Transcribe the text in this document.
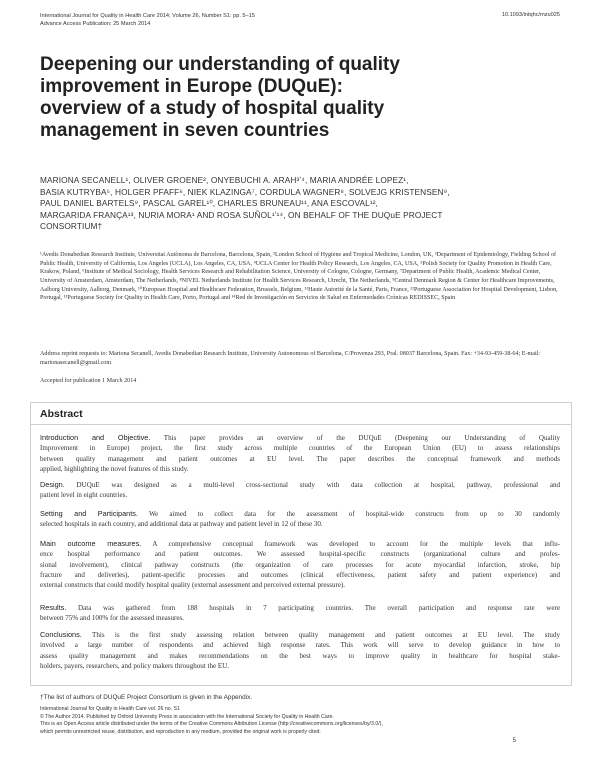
International Journal for Quality in Health Care 2014; Volume 26, Number S1: pp. 5–15
Advance Access Publication: 25 March 2014
10.1093/intqhc/mzu025
Deepening our understanding of quality
improvement in Europe (DUQuE):
overview of a study of hospital quality
management in seven countries
MARIONA SECANELL¹, OLIVER GROENE², ONYEBUCHI A. ARAH³ʼ⁴, MARIA ANDRÉE LOPEZ¹,
BASIA KUTRYBA⁵, HOLGER PFAFF⁶, NIEK KLAZINGA⁷, CORDULA WAGNER⁸, SOLVEJG KRISTENSEN⁹,
PAUL DANIEL BARTELS⁹, PASCAL GAREL¹⁰, CHARLES BRUNEAU¹¹, ANA ESCOVAL¹²,
MARGARIDA FRANÇA¹³, NURIA MORA¹ AND ROSA SUÑOL¹ʼ¹⁴, ON BEHALF OF THE DUQuE PROJECT
CONSORTIUM†
¹Avedis Donabedian Research Institute, Universitat Autònoma de Barcelona, Barcelona, Spain, ²London School of Hygiene and Tropical Medicine, London, UK, ³Department of Epidemiology, Fielding School of Public Health, University of California, Los Angeles (UCLA), Los Angeles, CA, USA, ⁴UCLA Center for Health Policy Research, Los Angeles, CA, USA, ⁵Polish Society for Quality Promotion in Health Care, Krakow, Poland, ⁶Institute of Medical Sociology, Health Services Research and Rehabilitation Science, University of Cologne, Cologne, Germany, ⁷Department of Public Health, Academic Medical Center, University of Amsterdam, Amsterdam, The Netherlands, ⁸NIVEL Netherlands Institute for Health Services Research, Utrecht, The Netherlands, ⁹Central Denmark Region & Center for Healthcare Improvements, Aalborg University, Aalborg, Denmark, ¹⁰European Hospital and Healthcare Federation, Brussels, Belgium, ¹¹Haute Autorité de la Santé, Paris, France, ¹²Portuguese Association for Hospital Development, Lisbon, Portugal, ¹³Portuguese Society for Quality in Health Care, Porto, Portugal and ¹⁴Red de Investigación en Servicios de Salud en Enfermedades Crónicas REDISSEC, Spain
Address reprint requests to: Mariona Secanell, Avedis Donabedian Research Institute, University Autonomous of Barcelona, C/Provenza 293, Pral. 08037 Barcelona, Spain. Fax: +34-93-459-38-64; E-mail: marionasecanell@gmail.com
Accepted for publication 1 March 2014
Abstract
Introduction and Objective. This paper provides an overview of the DUQuE (Deepening our Understanding of Quality
Improvement in Europe) project, the first study across multiple countries of the European Union (EU) to assess relationships
between quality management and patient outcomes at EU level. The paper describes the conceptual framework and methods
applied, highlighting the novel features of this study.
Design. DUQuE was designed as a multi-level cross-sectional study with data collection at hospital, pathway, professional and
patient level in eight countries.
Setting and Participants. We aimed to collect data for the assessment of hospital-wide constructs from up to 30 randomly
selected hospitals in each country, and additional data at pathway and patient level in 12 of these 30.
Main outcome measures. A comprehensive conceptual framework was developed to account for the multiple levels that influ-
ence hospital performance and patient outcomes. We assessed hospital-specific constructs (organizational culture and profes-
sional involvement), clinical pathway constructs (the organization of care processes for acute myocardial infarction, stroke, hip
fracture and deliveries), patient-specific processes and outcomes (clinical effectiveness, patient safety and patient experience) and
external constructs that could modify hospital quality (external assessment and perceived external pressure).
Results. Data was gathered from 188 hospitals in 7 participating countries. The overall participation and response rate were
between 75% and 100% for the assessed measures.
Conclusions. This is the first study assessing relation between quality management and patient outcomes at EU level. The study
involved a large number of respondents and achieved high response rates. This work will serve to develop guidance in how to
assess quality management and makes recommendations on the best ways to improve quality in healthcare for hospital stake-
holders, payers, researchers, and policy makers throughout the EU.
†The list of authors of DUQuE Project Consortium is given in the Appendix.
International Journal for Quality in Health Care vol. 26 no. S1
© The Author 2014. Published by Oxford University Press in association with the International Society for Quality in Health Care.
This is an Open Access article distributed under the terms of the Creative Commons Attribution License (http://creativecommons.org/licenses/by/3.0/),
which permits unrestricted reuse, distribution, and reproduction in any medium, provided the original work is properly cited.
5
